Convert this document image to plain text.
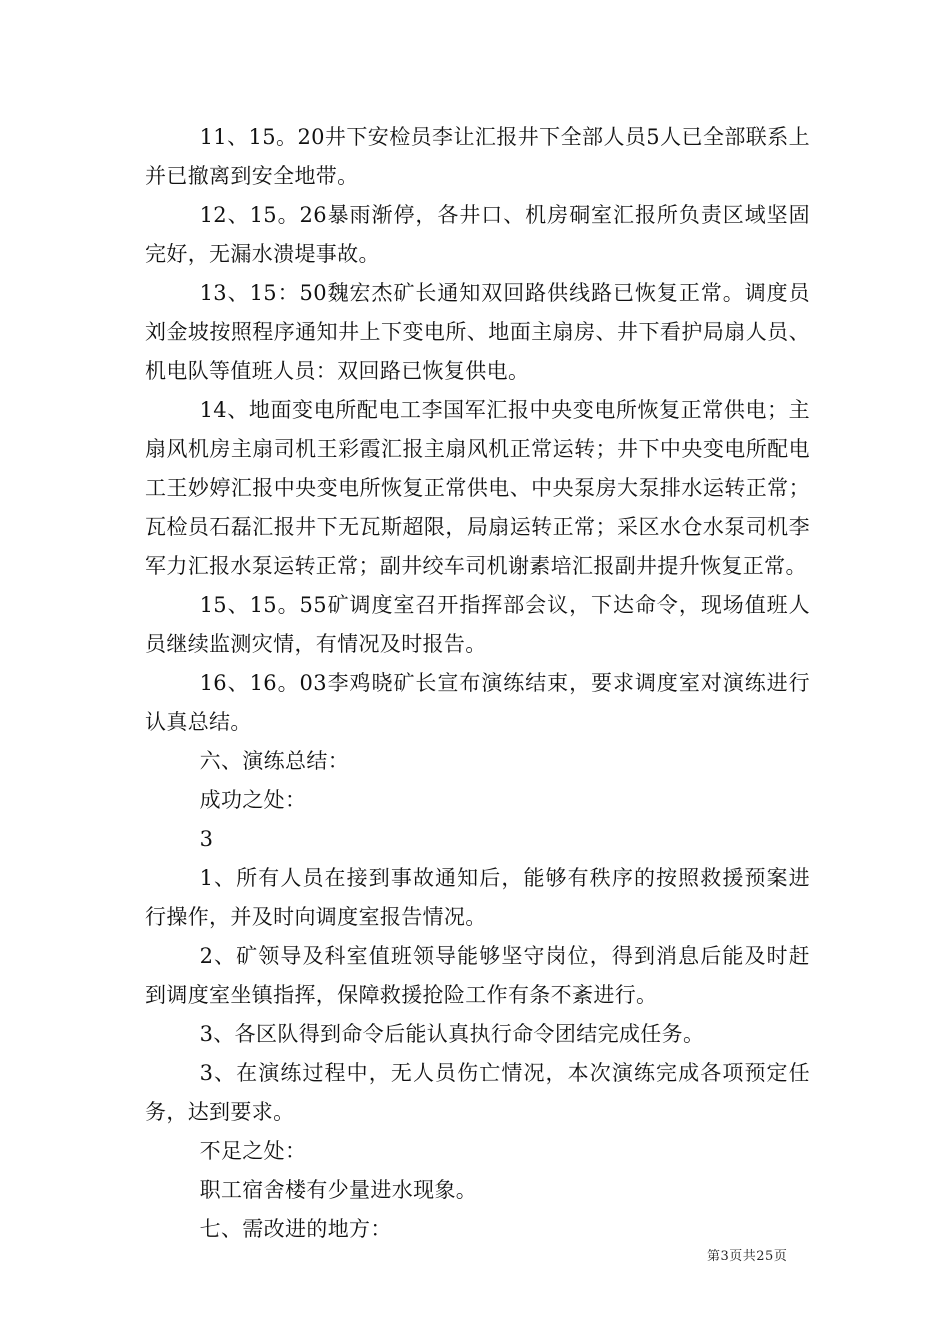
11、15。20井下安检员李让汇报井下全部人员5人已全部联系上并已撤离到安全地带。

12、15。26暴雨渐停，各井口、机房硐室汇报所负责区域坚固完好，无漏水溃堤事故。

13、15：50魏宏杰矿长通知双回路供线路已恢复正常。调度员刘金坡按照程序通知井上下变电所、地面主扇房、井下看护局扇人员、机电队等值班人员：双回路已恢复供电。

14、地面变电所配电工李国军汇报中央变电所恢复正常供电；主扇风机房主扇司机王彩霞汇报主扇风机正常运转；井下中央变电所配电工王妙婷汇报中央变电所恢复正常供电、中央泵房大泵排水运转正常；瓦检员石磊汇报井下无瓦斯超限，局扇运转正常；采区水仓水泵司机李军力汇报水泵运转正常；副井绞车司机谢素培汇报副井提升恢复正常。

15、15。55矿调度室召开指挥部会议，下达命令，现场值班人员继续监测灾情，有情况及时报告。

16、16。03李鸡晓矿长宣布演练结束，要求调度室对演练进行认真总结。

六、演练总结：

成功之处：

3

1、所有人员在接到事故通知后，能够有秩序的按照救援预案进行操作，并及时向调度室报告情况。

2、矿领导及科室值班领导能够坚守岗位，得到消息后能及时赶到调度室坐镇指挥，保障救援抢险工作有条不紊进行。

3、各区队得到命令后能认真执行命令团结完成任务。

3、在演练过程中，无人员伤亡情况，本次演练完成各项预定任务，达到要求。

不足之处：

职工宿舍楼有少量进水现象。

七、需改进的地方：

第3页共25页
